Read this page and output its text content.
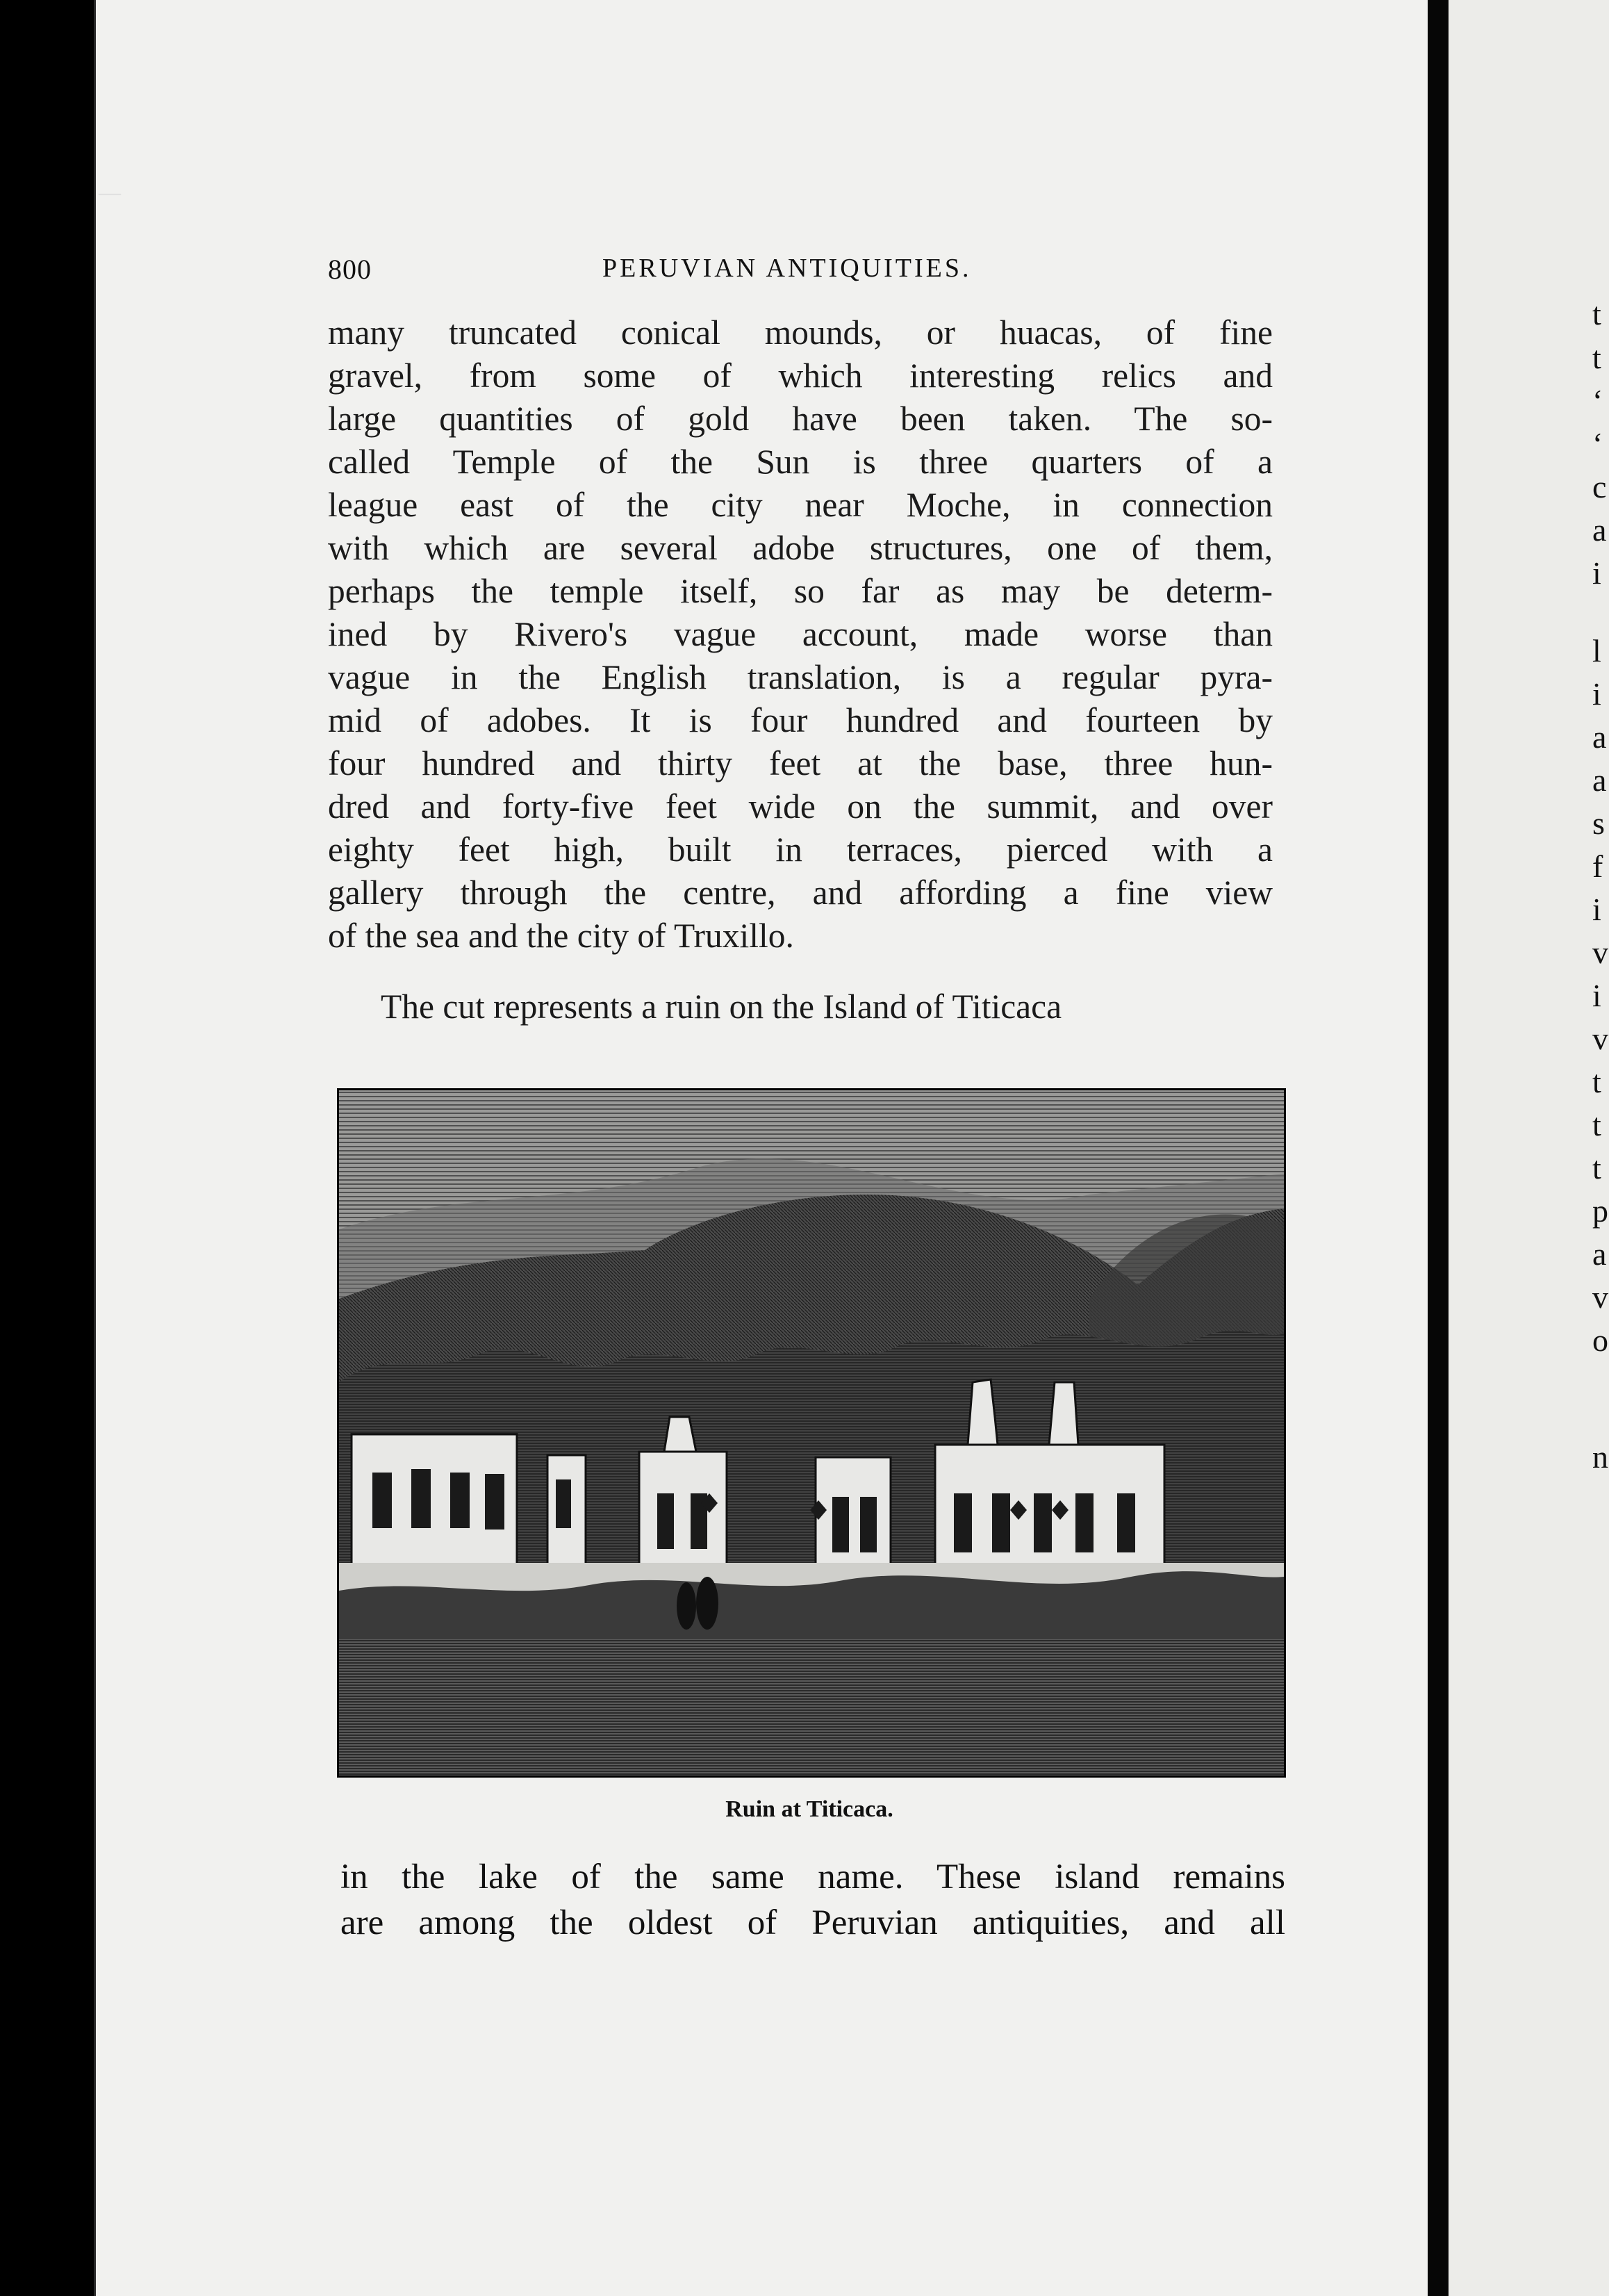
—
800	PERUVIAN ANTIQUITIES.

many truncated conical mounds, or huacas, of fine
gravel, from some of which interesting relics and
large quantities of gold have been taken. The so-
called Temple of the Sun is three quarters of a
league east of the city near Moche, in connection
with which are several adobe structures, one of them,
perhaps the temple itself, so far as may be determ-
ined by Rivero's vague account, made worse than
vague in the English translation, is a regular pyra-
mid of adobes. It is four hundred and fourteen by
four hundred and thirty feet at the base, three hun-
dred and forty-five feet wide on the summit, and over
eighty feet high, built in terraces, pierced with a
gallery through the centre, and affording a fine view
of the sea and the city of Truxillo.

The cut represents a ruin on the Island of Titicaca

Ruin at Titicaca.

in the lake of the same name. These island remains
are among the oldest of Peruvian antiquities, and all

t
t
‘
‘
c
a
i
l
i
a
a
s
f
i
v
i
v
t
t
t
p
a
v
o
n
